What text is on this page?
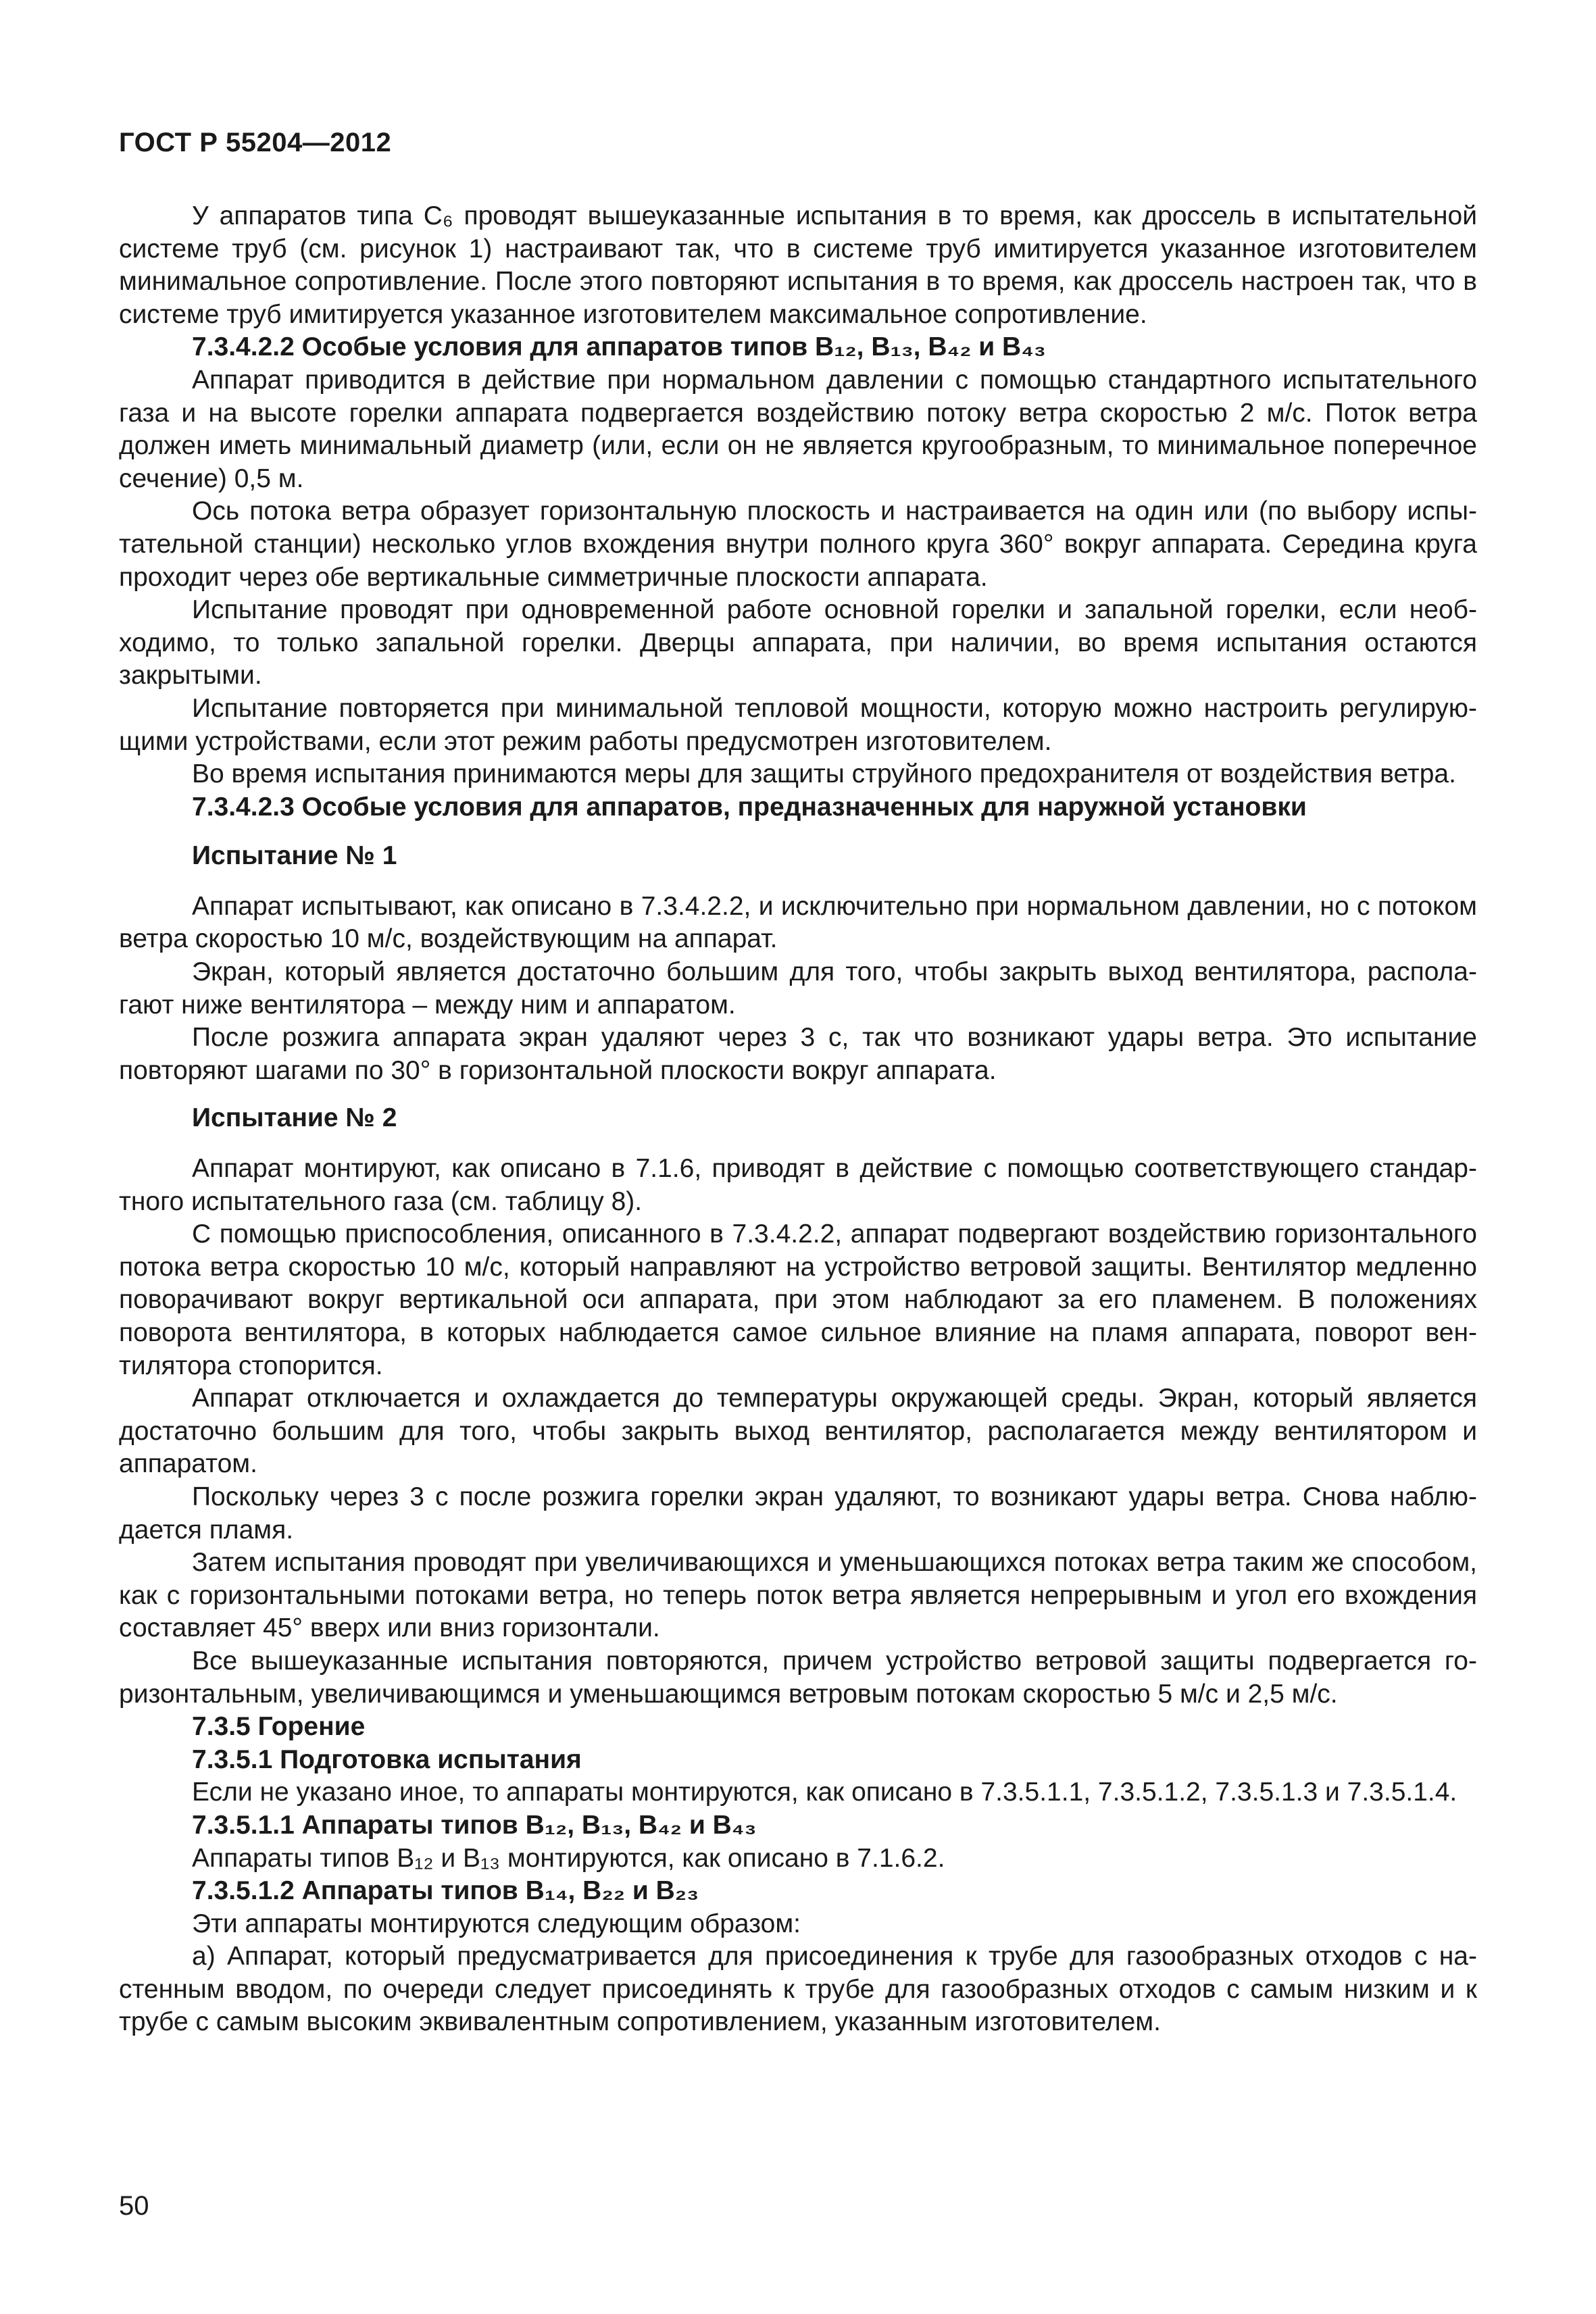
ГОСТ Р 55204—2012

У аппаратов типа С₆ проводят вышеуказанные испытания в то время, как дроссель в испытательной системе труб (см. рисунок 1) настраивают так, что в системе труб имитируется указанное изготовителем минимальное сопротивление. После этого повторяют испытания в то время, как дроссель настроен так, что в системе труб имитируется указанное изготовителем максимальное сопротивление.

7.3.4.2.2 Особые условия для аппаратов типов B₁₂, B₁₃, B₄₂ и B₄₃

Аппарат приводится в действие при нормальном давлении с помощью стандартного испытательного газа и на высоте горелки аппарата подвергается воздействию потоку ветра скоростью 2 м/с. Поток ветра должен иметь минимальный диаметр (или, если он не является кругообразным, то минимальное поперечное сечение) 0,5 м.

Ось потока ветра образует горизонтальную плоскость и настраивается на один или (по выбору испытательной станции) несколько углов вхождения внутри полного круга 360° вокруг аппарата. Середина круга проходит через обе вертикальные симметричные плоскости аппарата.

Испытание проводят при одновременной работе основной горелки и запальной горелки, если необходимо, то только запальной горелки. Дверцы аппарата, при наличии, во время испытания остаются закрытыми.

Испытание повторяется при минимальной тепловой мощности, которую можно настроить регулирующими устройствами, если этот режим работы предусмотрен изготовителем.

Во время испытания принимаются меры для защиты струйного предохранителя от воздействия ветра.

7.3.4.2.3 Особые условия для аппаратов, предназначенных для наружной установки
Испытание № 1

Аппарат испытывают, как описано в 7.3.4.2.2, и исключительно при нормальном давлении, но с потоком ветра скоростью 10 м/с, воздействующим на аппарат.

Экран, который является достаточно большим для того, чтобы закрыть выход вентилятора, располагают ниже вентилятора – между ним и аппаратом.

После розжига аппарата экран удаляют через 3 с, так что возникают удары ветра. Это испытание повторяют шагами по 30° в горизонтальной плоскости вокруг аппарата.

Испытание № 2

Аппарат монтируют, как описано в 7.1.6, приводят в действие с помощью соответствующего стандартного испытательного газа (см. таблицу 8).

С помощью приспособления, описанного в 7.3.4.2.2, аппарат подвергают воздействию горизонтального потока ветра скоростью 10 м/с, который направляют на устройство ветровой защиты. Вентилятор медленно поворачивают вокруг вертикальной оси аппарата, при этом наблюдают за его пламенем. В положениях поворота вентилятора, в которых наблюдается самое сильное влияние на пламя аппарата, поворот вентилятора стопорится.

Аппарат отключается и охлаждается до температуры окружающей среды. Экран, который является достаточно большим для того, чтобы закрыть выход вентилятор, располагается между вентилятором и аппаратом.

Поскольку через 3 с после розжига горелки экран удаляют, то возникают удары ветра. Снова наблюдается пламя.

Затем испытания проводят при увеличивающихся и уменьшающихся потоках ветра таким же способом, как с горизонтальными потоками ветра, но теперь поток ветра является непрерывным и угол его вхождения составляет 45° вверх или вниз горизонтали.

Все вышеуказанные испытания повторяются, причем устройство ветровой защиты подвергается горизонтальным, увеличивающимся и уменьшающимся ветровым потокам скоростью 5 м/с и 2,5 м/с.

7.3.5 Горение
7.3.5.1 Подготовка испытания

Если не указано иное, то аппараты монтируются, как описано в 7.3.5.1.1, 7.3.5.1.2, 7.3.5.1.3 и 7.3.5.1.4.

7.3.5.1.1 Аппараты типов B₁₂, B₁₃, B₄₂ и B₄₃

Аппараты типов B₁₂ и B₁₃ монтируются, как описано в 7.1.6.2.

7.3.5.1.2 Аппараты типов B₁₄, B₂₂ и B₂₃

Эти аппараты монтируются следующим образом:

а) Аппарат, который предусматривается для присоединения к трубе для газообразных отходов с настенным вводом, по очереди следует присоединять к трубе для газообразных отходов с самым низким и к трубе с самым высоким эквивалентным сопротивлением, указанным изготовителем.

50
